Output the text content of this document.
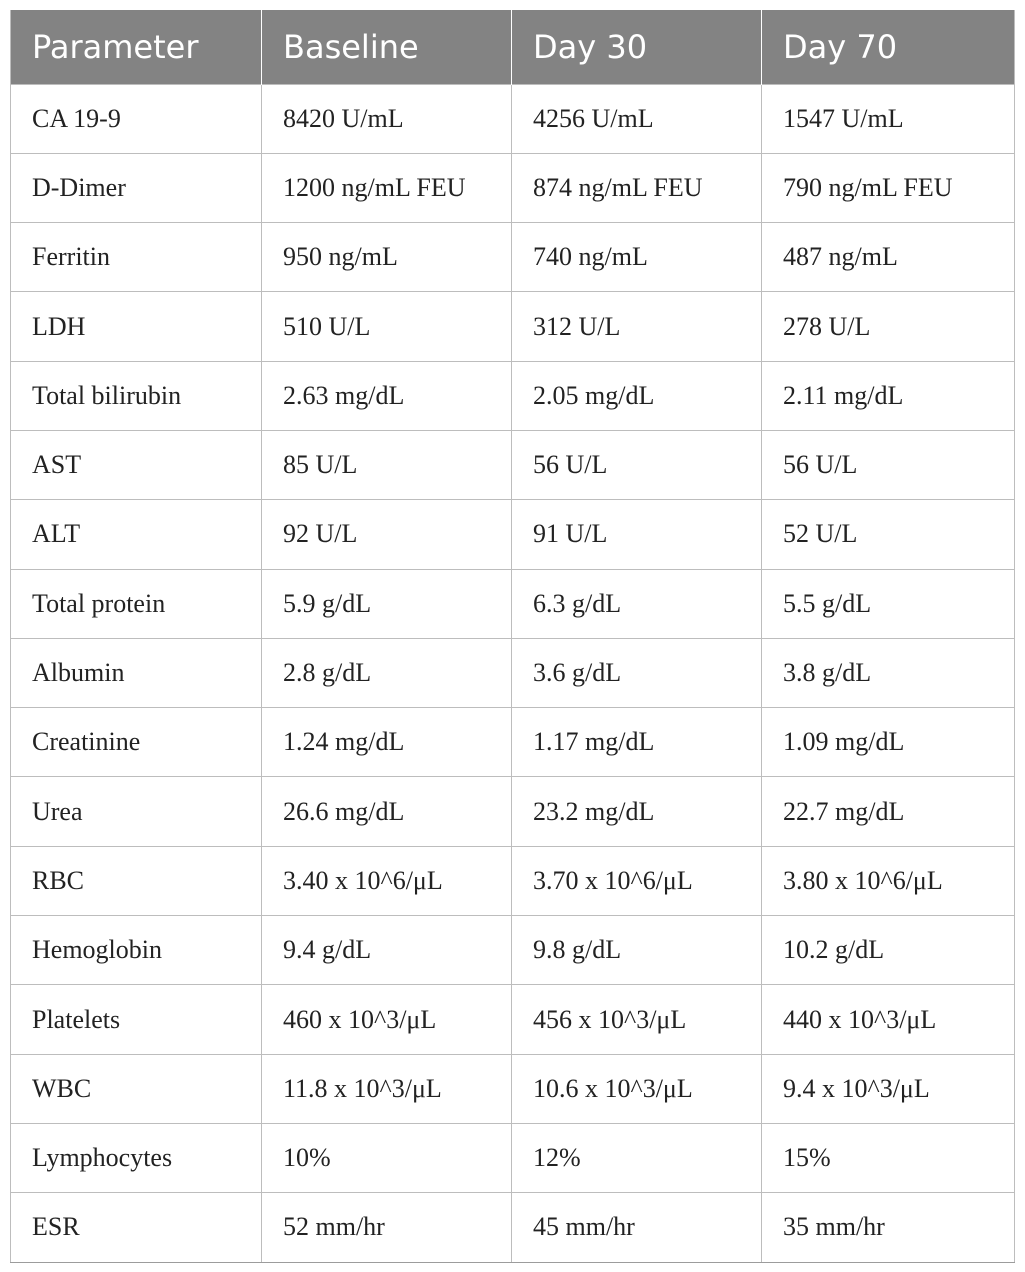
Parameter	Baseline	Day 30	Day 70
CA 19-9	8420 U/mL	4256 U/mL	1547 U/mL
D-Dimer	1200 ng/mL FEU	874 ng/mL FEU	790 ng/mL FEU
Ferritin	950 ng/mL	740 ng/mL	487 ng/mL
LDH	510 U/L	312 U/L	278 U/L
Total bilirubin	2.63 mg/dL	2.05 mg/dL	2.11 mg/dL
AST	85 U/L	56 U/L	56 U/L
ALT	92 U/L	91 U/L	52 U/L
Total protein	5.9 g/dL	6.3 g/dL	5.5 g/dL
Albumin	2.8 g/dL	3.6 g/dL	3.8 g/dL
Creatinine	1.24 mg/dL	1.17 mg/dL	1.09 mg/dL
Urea	26.6 mg/dL	23.2 mg/dL	22.7 mg/dL
RBC	3.40 x 10^6/μL	3.70 x 10^6/μL	3.80 x 10^6/μL
Hemoglobin	9.4 g/dL	9.8 g/dL	10.2 g/dL
Platelets	460 x 10^3/μL	456 x 10^3/μL	440 x 10^3/μL
WBC	11.8 x 10^3/μL	10.6 x 10^3/μL	9.4 x 10^3/μL
Lymphocytes	10%	12%	15%
ESR	52 mm/hr	45 mm/hr	35 mm/hr
